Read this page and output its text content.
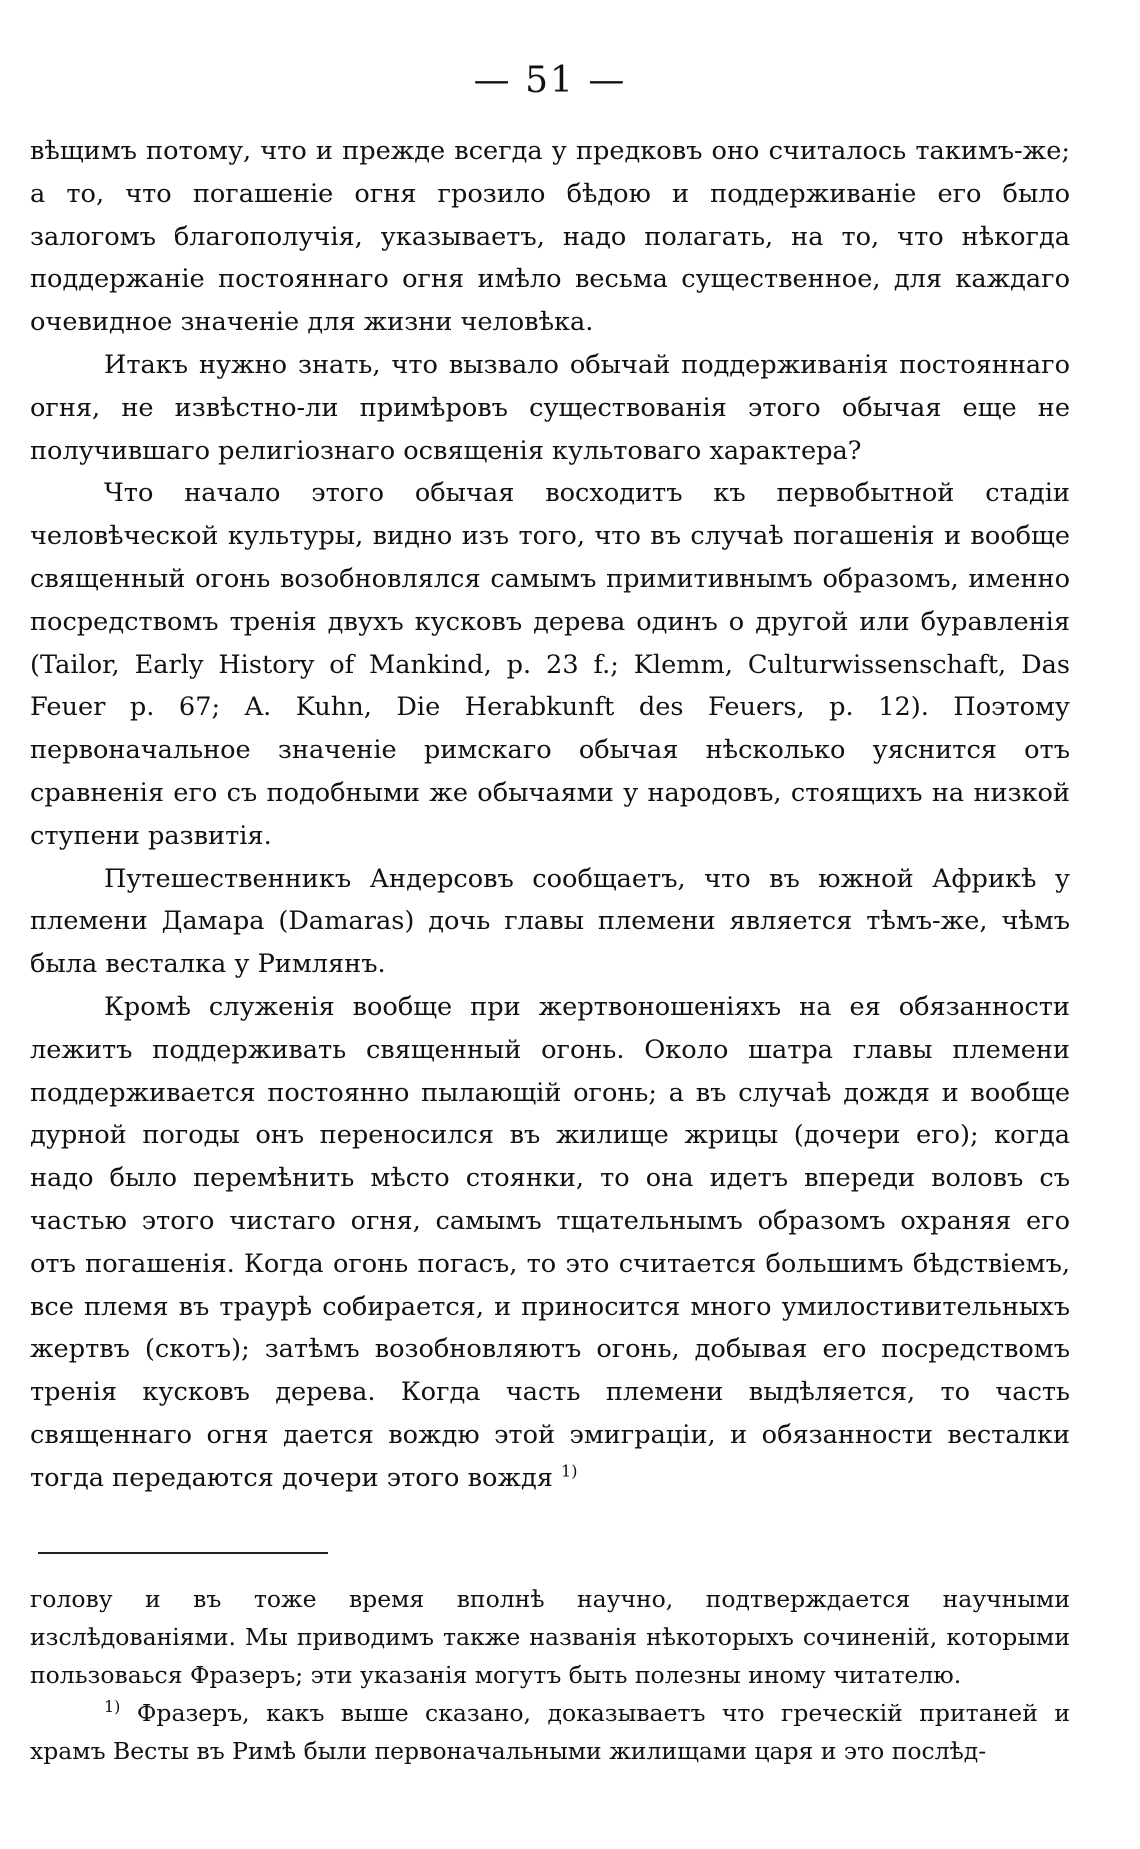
— 51 —

вѣщимъ потому, что и прежде всегда у предковъ оно считалось такимъ-же; а то, что погашеніе огня грозило бѣдою и поддерживаніе его было залогомъ благополучія, указываетъ, надо полагать, на то, что нѣкогда поддержаніе постояннаго огня имѣло весьма существенное, для каждаго очевидное значеніе для жизни человѣка.

Итакъ нужно знать, что вызвало обычай поддерживанія постояннаго огня, не извѣстно-ли примѣровъ существованія этого обычая еще не получившаго религіознаго освященія культоваго характера?

Что начало этого обычая восходитъ къ первобытной стадіи человѣческой культуры, видно изъ того, что въ случаѣ погашенія и вообще священный огонь возобновлялся самымъ примитивнымъ образомъ, именно посредствомъ тренія двухъ кусковъ дерева одинъ о другой или буравленія (Tailor, Early History of Mankind, p. 23 f.; Klemm, Culturwissenschaft, Das Feuer p. 67; A. Kuhn, Die Herabkunft des Feuers, p. 12). Поэтому первоначальное значеніе римскаго обычая нѣсколько уяснится отъ сравненія его съ подобными же обычаями у народовъ, стоящихъ на низкой ступени развитія.

Путешественникъ Андерсовъ сообщаетъ, что въ южной Африкѣ у племени Дамара (Damaras) дочь главы племени является тѣмъ-же, чѣмъ была весталка у Римлянъ.

Кромѣ служенія вообще при жертвоношеніяхъ на ея обязанности лежитъ поддерживать священный огонь. Около шатра главы племени поддерживается постоянно пылающій огонь; а въ случаѣ дождя и вообще дурной погоды онъ переносился въ жилище жрицы (дочери его); когда надо было перемѣнить мѣсто стоянки, то она идетъ впереди воловъ съ частью этого чистаго огня, самымъ тщательнымъ образомъ охраняя его отъ погашенія. Когда огонь погасъ, то это считается большимъ бѣдствіемъ, все племя въ траурѣ собирается, и приносится много умилостивительныхъ жертвъ (скотъ); затѣмъ возобновляютъ огонь, добывая его посредствомъ тренія кусковъ дерева. Когда часть племени выдѣляется, то часть священнаго огня дается вождю этой эмиграціи, и обязанности весталки тогда передаются дочери этого вождя $^{1)}$

голову и въ тоже время вполнѣ научно, подтверждается научными изслѣдованіями. Мы приводимъ также названія нѣкоторыхъ сочиненій, которыми пользоваься Фразеръ; эти указанія могутъ быть полезны иному читателю.

$^{1)}$ Фразеръ, какъ выше сказано, доказываетъ что греческій пританей и храмъ Весты въ Римѣ были первоначальными жилищами царя и это послѣд-
